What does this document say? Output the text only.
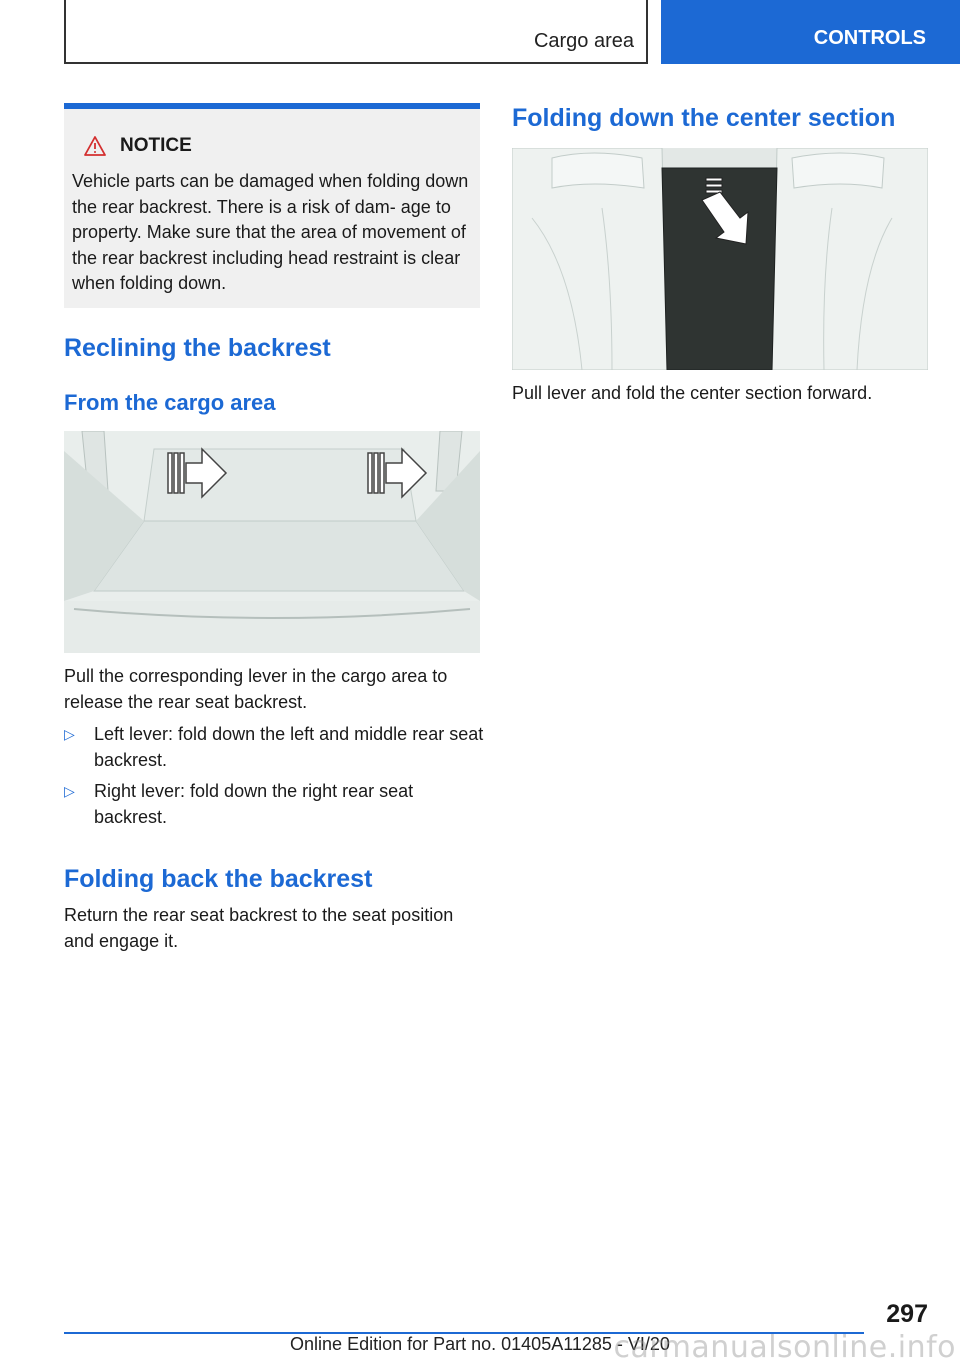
Cargo area	CONTROLS
NOTICE

Vehicle parts can be damaged when folding down the rear backrest. There is a risk of dam‐ age to property. Make sure that the area of movement of the rear backrest including head restraint is clear when folding down.

Reclining the backrest
From the cargo area

Pull the corresponding lever in the cargo area to release the rear seat backrest.

▷ Left lever: fold down the left and middle rear seat backrest.
▷ Right lever: fold down the right rear seat backrest.
Folding back the backrest

Return the rear seat backrest to the seat position and engage it.

Folding down the center section

Pull lever and fold the center section forward.

297
Online Edition for Part no. 01405A11285 - VI/20
carmanualsonline.info
